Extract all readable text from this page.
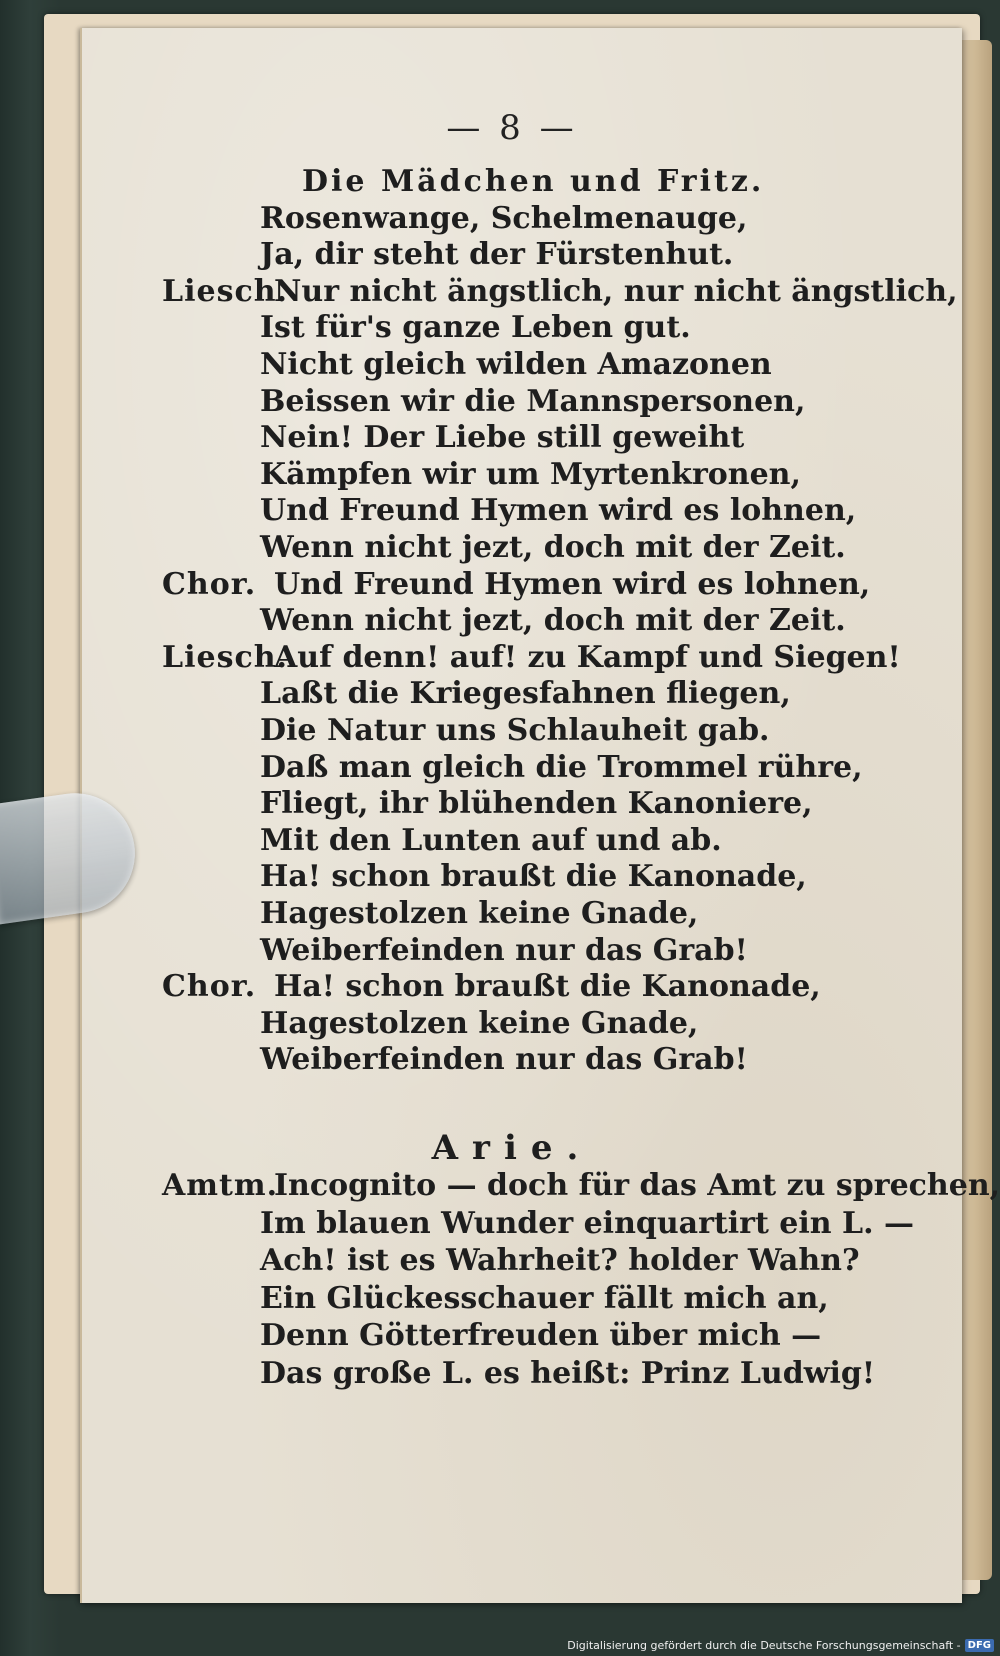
— 8 —
Arie.
Die Mädchen und Fritz.
Rosenwange, Schelmenauge,
Ja, dir steht der Fürstenhut.
Liesch.Nur nicht ängstlich, nur nicht ängstlich,
Ist für's ganze Leben gut.
Nicht gleich wilden Amazonen
Beissen wir die Mannspersonen,
Nein! Der Liebe still geweiht
Kämpfen wir um Myrtenkronen,
Und Freund Hymen wird es lohnen,
Wenn nicht jezt, doch mit der Zeit.
Chor. Und Freund Hymen wird es lohnen,
Wenn nicht jezt, doch mit der Zeit.
Liesch.Auf denn! auf! zu Kampf und Siegen!
Laßt die Kriegesfahnen fliegen,
Die Natur uns Schlauheit gab.
Daß man gleich die Trommel rühre,
Fliegt, ihr blühenden Kanoniere,
Mit den Lunten auf und ab.
Ha! schon braußt die Kanonade,
Hagestolzen keine Gnade,
Weiberfeinden nur das Grab!
Chor. Ha! schon braußt die Kanonade,
Hagestolzen keine Gnade,
Weiberfeinden nur das Grab!
Amtm.Incognito — doch für das Amt zu sprechen,
Im blauen Wunder einquartirt ein L. —
Ach! ist es Wahrheit? holder Wahn?
Ein Glückesschauer fällt mich an,
Denn Götterfreuden über mich —
Das große L. es heißt: Prinz Ludwig!
Digitalisierung gefördert durch die Deutsche Forschungsgemeinschaft - DFG
